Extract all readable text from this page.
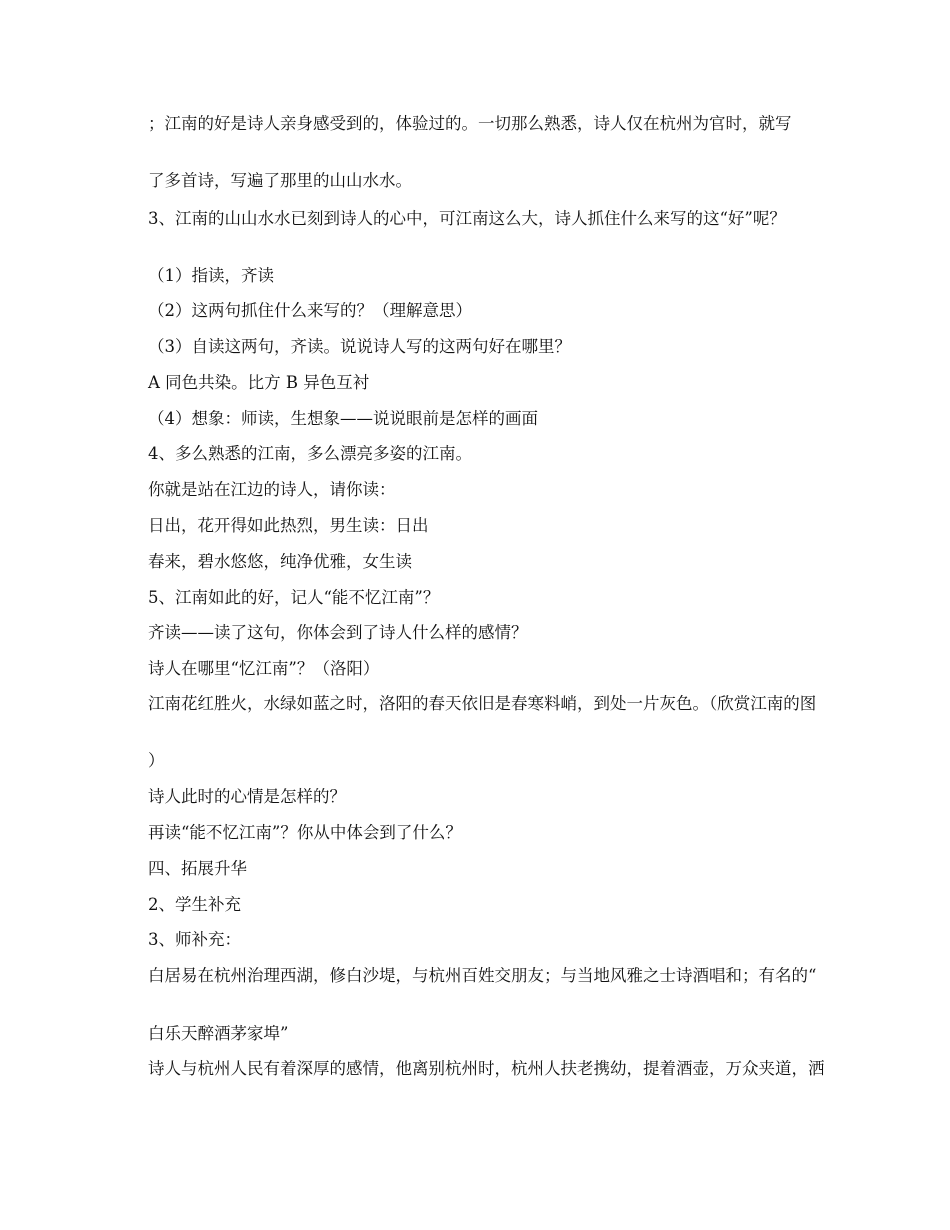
；江南的好是诗人亲身感受到的，体验过的。一切那么熟悉，诗人仅在杭州为官时，就写

了多首诗，写遍了那里的山山水水。

3、江南的山山水水已刻到诗人的心中，可江南这么大，诗人抓住什么来写的这“好”呢？

（1）指读，齐读

（2）这两句抓住什么来写的？（理解意思）

（3）自读这两句，齐读。说说诗人写的这两句好在哪里？

A 同色共染。比方 B 异色互衬

（4）想象：师读，生想象——说说眼前是怎样的画面

4、多么熟悉的江南，多么漂亮多姿的江南。

你就是站在江边的诗人，请你读：

日出，花开得如此热烈，男生读：日出

春来，碧水悠悠，纯净优雅，女生读

5、江南如此的好，记人“能不忆江南”？

齐读——读了这句，你体会到了诗人什么样的感情？

诗人在哪里“忆江南”？（洛阳）

江南花红胜火，水绿如蓝之时，洛阳的春天依旧是春寒料峭，到处一片灰色。（欣赏江南的图

）

诗人此时的心情是怎样的？

再读“能不忆江南”？你从中体会到了什么？

四、拓展升华

2、学生补充

3、师补充：

白居易在杭州治理西湖，修白沙堤，与杭州百姓交朋友；与当地风雅之士诗酒唱和；有名的“

白乐天醉酒茅家埠”

诗人与杭州人民有着深厚的感情，他离别杭州时，杭州人扶老携幼，提着酒壶，万众夹道，洒
